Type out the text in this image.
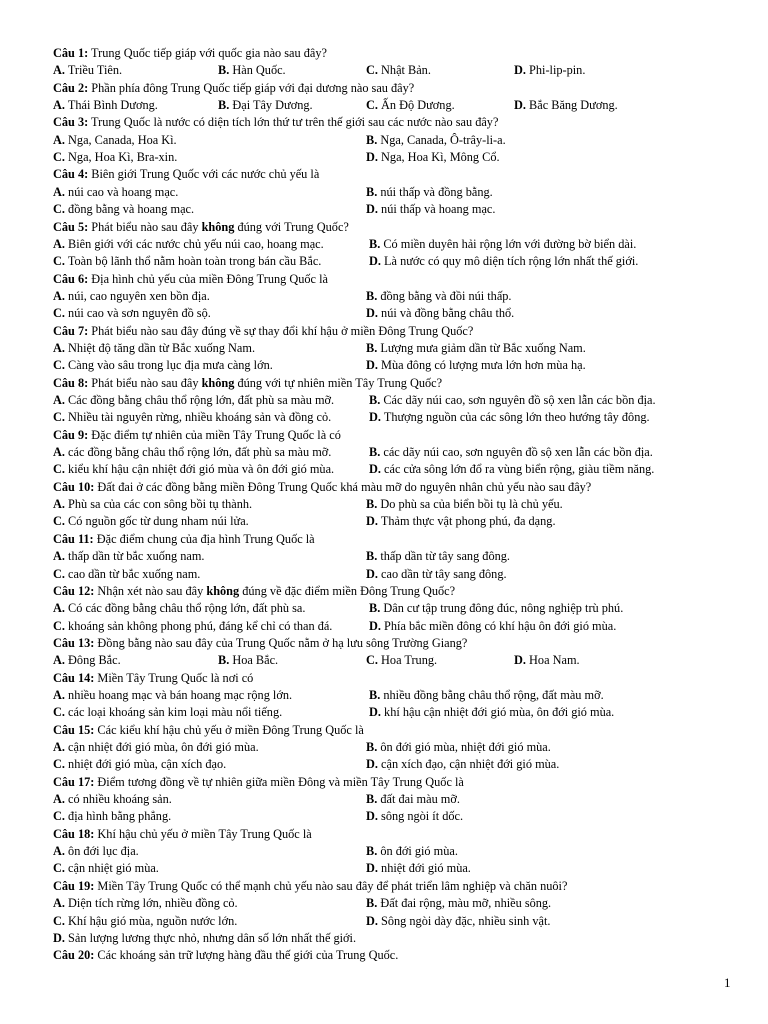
Câu 1: Trung Quốc tiếp giáp với quốc gia nào sau đây?
A. Triều Tiên.	B. Hàn Quốc.	C. Nhật Bản.	D. Phi-lip-pin.
Câu 2: Phần phía đông Trung Quốc tiếp giáp với đại dương nào sau đây?
A. Thái Bình Dương.	B. Đại Tây Dương.	C. Ấn Độ Dương.	D. Bắc Băng Dương.
Câu 3: Trung Quốc là nước có diện tích lớn thứ tư trên thế giới sau các nước nào sau đây?
A. Nga, Canada, Hoa Kì.	B. Nga, Canada, Ô-trây-li-a.
C. Nga, Hoa Kì, Bra-xin.	D. Nga, Hoa Kì, Mông Cổ.
Câu 4: Biên giới Trung Quốc với các nước chủ yếu là
A. núi cao và hoang mạc.	B. núi thấp và đồng bằng.
C. đồng bằng và hoang mạc.	D. núi thấp và hoang mạc.
Câu 5: Phát biểu nào sau đây không đúng với Trung Quốc?
A. Biên giới với các nước chủ yếu núi cao, hoang mạc.	B. Có miền duyên hải rộng lớn với đường bờ biển dài.
C. Toàn bộ lãnh thổ nằm hoàn toàn trong bán cầu Bắc.	D. Là nước có quy mô diện tích rộng lớn nhất thế giới.
Câu 6: Địa hình chủ yếu của miền Đông Trung Quốc là
A. núi, cao nguyên xen bồn địa.	B. đồng bằng và đồi núi thấp.
C. núi cao và sơn nguyên đồ sộ.	D. núi và đồng bằng châu thổ.
Câu 7: Phát biểu nào sau đây đúng về sự thay đổi khí hậu ở miền Đông Trung Quốc?
A. Nhiệt độ tăng dần từ Bắc xuống Nam.	B. Lượng mưa giảm dần từ Bắc xuống Nam.
C. Càng vào sâu trong lục địa mưa càng lớn.	D. Mùa đông có lượng mưa lớn hơn mùa hạ.
Câu 8: Phát biểu nào sau đây không đúng với tự nhiên miền Tây Trung Quốc?
A. Các đồng bằng châu thổ rộng lớn, đất phù sa màu mỡ.	B. Các dãy núi cao, sơn nguyên đồ sộ xen lẫn các bồn địa.
C. Nhiều tài nguyên rừng, nhiều khoáng sản và đồng cỏ.	D. Thượng nguồn của các sông lớn theo hướng tây đông.
Câu 9: Đặc điểm tự nhiên của miền Tây Trung Quốc là có
A. các đồng bằng châu thổ rộng lớn, đất phù sa màu mỡ.	B. các dãy núi cao, sơn nguyên đồ sộ xen lẫn các bồn địa.
C. kiểu khí hậu cận nhiệt đới gió mùa và ôn đới gió mùa.	D. các cửa sông lớn đổ ra vùng biển rộng, giàu tiềm năng.
Câu 10: Đất đai ở các đồng bằng miền Đông Trung Quốc khá màu mỡ do nguyên nhân chủ yếu nào sau đây?
A. Phù sa của các con sông bồi tụ thành.	B. Do phù sa của biển bồi tụ là chủ yếu.
C. Có nguồn gốc từ dung nham núi lửa.	D. Thảm thực vật phong phú, đa dạng.
Câu 11: Đặc điểm chung của địa hình Trung Quốc là
A. thấp dần từ bắc xuống nam.	B. thấp dần từ tây sang đông.
C. cao dần từ bắc xuống nam.	D. cao dần từ tây sang đông.
Câu 12: Nhận xét nào sau đây không đúng về đặc điểm miền Đông Trung Quốc?
A. Có các đồng bằng châu thổ rộng lớn, đất phù sa.	B. Dân cư tập trung đông đúc, nông nghiệp trù phú.
C. khoáng sản không phong phú, đáng kể chỉ có than đá.	D. Phía bắc miền đông có khí hậu ôn đới gió mùa.
Câu 13: Đồng bằng nào sau đây của Trung Quốc nằm ở hạ lưu sông Trường Giang?
A. Đông Bắc.	B. Hoa Bắc.	C. Hoa Trung.	D. Hoa Nam.
Câu 14: Miền Tây Trung Quốc là nơi có
A. nhiều hoang mạc và bán hoang mạc rộng lớn.	B. nhiều đồng bằng châu thổ rộng, đất màu mỡ.
C. các loại khoáng sản kim loại màu nổi tiếng.	D. khí hậu cận nhiệt đới gió mùa, ôn đới gió mùa.
Câu 15: Các kiểu khí hậu chủ yếu ở miền Đông Trung Quốc là
A. cận nhiệt đới gió mùa, ôn đới gió mùa.	B. ôn đới gió mùa, nhiệt đới gió mùa.
C. nhiệt đới gió mùa, cận xích đạo.	D. cận xích đạo, cận nhiệt đới gió mùa.
Câu 17: Điểm tương đồng về tự nhiên giữa miền Đông và miền Tây Trung Quốc là
A. có nhiều khoáng sản.	B. đất đai màu mỡ.
C. địa hình bằng phẳng.	D. sông ngòi ít dốc.
Câu 18: Khí hậu chủ yếu ở miền Tây Trung Quốc là
A. ôn đới lục địa.	B. ôn đới gió mùa.
C. cận nhiệt gió mùa.	D. nhiệt đới gió mùa.
Câu 19: Miền Tây Trung Quốc có thể mạnh chủ yếu nào sau đây để phát triển lâm nghiệp và chăn nuôi?
A. Diện tích rừng lớn, nhiều đồng cỏ.	B. Đất đai rộng, màu mỡ, nhiều sông.
C. Khí hậu gió mùa, nguồn nước lớn.	D. Sông ngòi dày đặc, nhiều sinh vật.
D. Sản lượng lương thực nhỏ, nhưng dân số lớn nhất thế giới.
Câu 20: Các khoáng sản trữ lượng hàng đầu thế giới của Trung Quốc.
1
